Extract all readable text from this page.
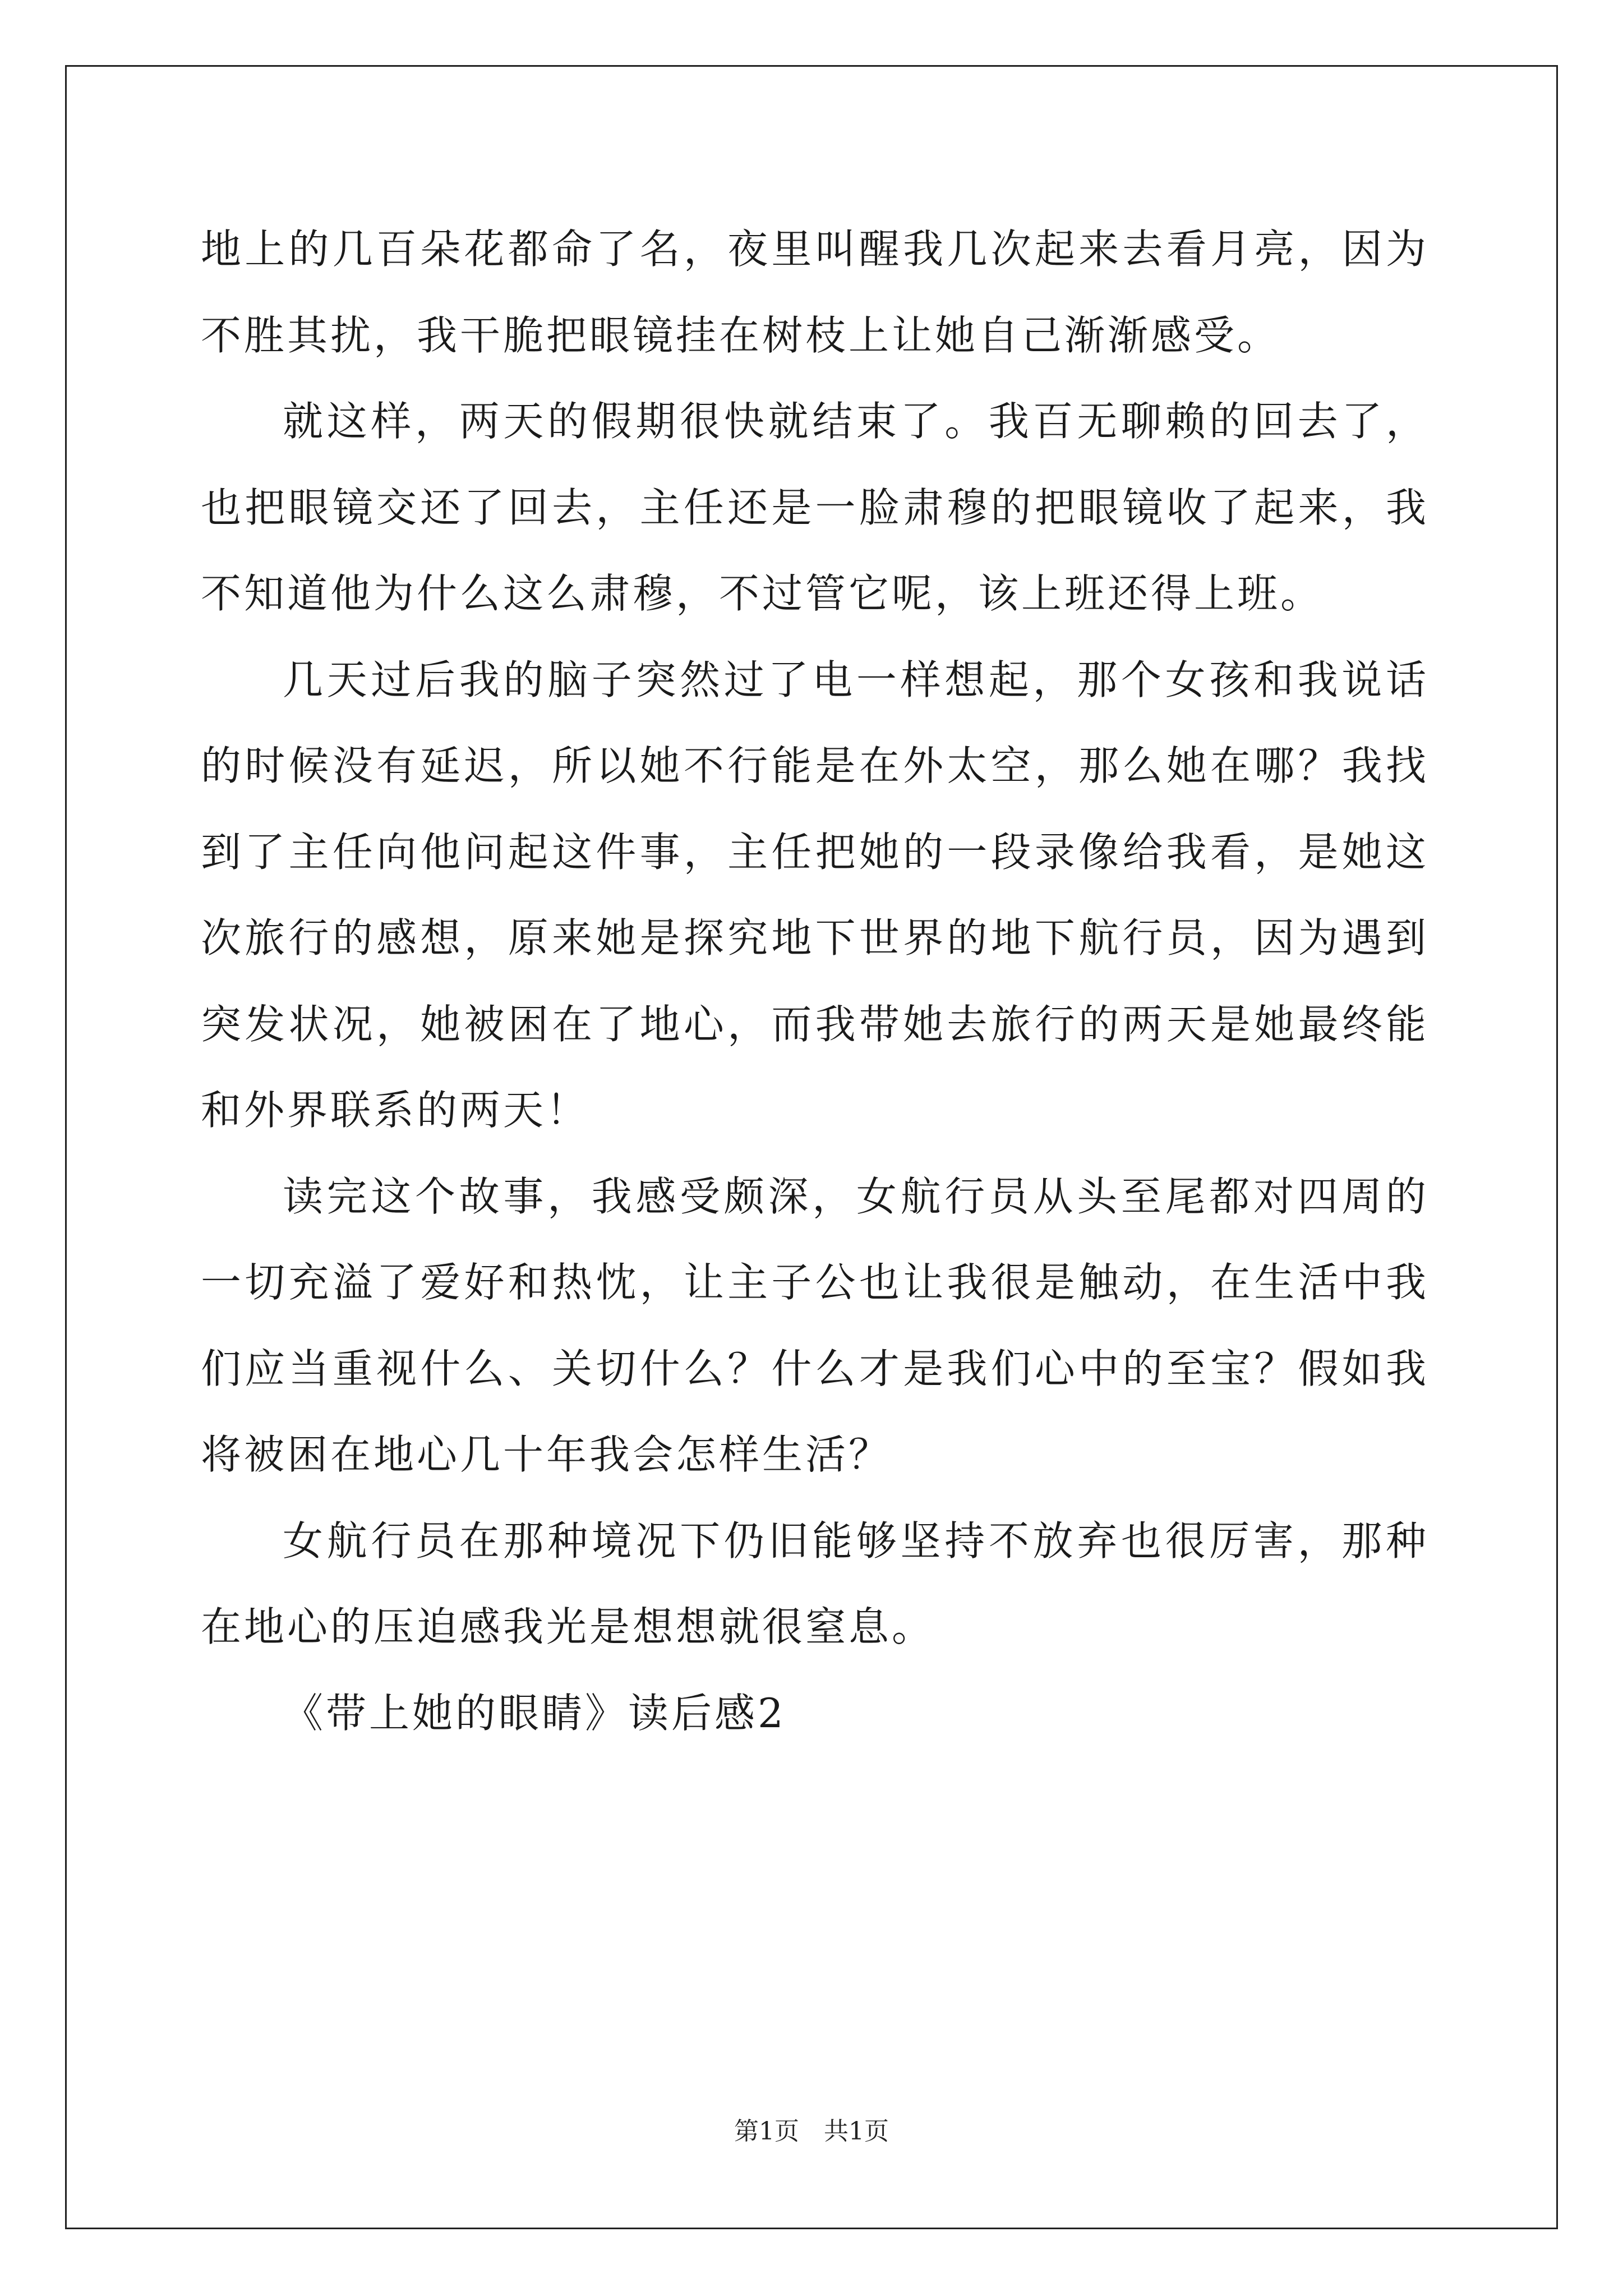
地上的几百朵花都命了名，夜里叫醒我几次起来去看月亮，因为不胜其扰，我干脆把眼镜挂在树枝上让她自己渐渐感受。

就这样，两天的假期很快就结束了。我百无聊赖的回去了，也把眼镜交还了回去，主任还是一脸肃穆的把眼镜收了起来，我不知道他为什么这么肃穆，不过管它呢，该上班还得上班。

几天过后我的脑子突然过了电一样想起，那个女孩和我说话的时候没有延迟，所以她不行能是在外太空，那么她在哪？我找到了主任向他问起这件事，主任把她的一段录像给我看，是她这次旅行的感想，原来她是探究地下世界的地下航行员，因为遇到突发状况，她被困在了地心，而我带她去旅行的两天是她最终能和外界联系的两天！

读完这个故事，我感受颇深，女航行员从头至尾都对四周的一切充溢了爱好和热忱，让主子公也让我很是触动，在生活中我们应当重视什么、关切什么？什么才是我们心中的至宝？假如我将被困在地心几十年我会怎样生活？

女航行员在那种境况下仍旧能够坚持不放弃也很厉害，那种在地心的压迫感我光是想想就很窒息。

《带上她的眼睛》读后感2

第1页　共1页
